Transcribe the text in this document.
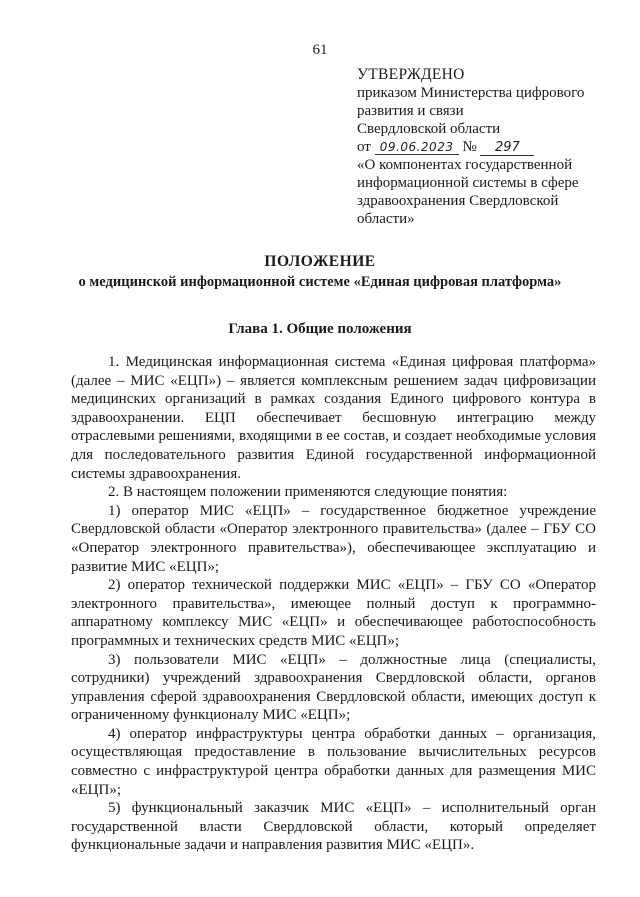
61
УТВЕРЖДЕНО
приказом Министерства цифрового
развития и связи
Свердловской области
от 09.06.2023 № 297
«О компонентах государственной
информационной системы в сфере
здравоохранения Свердловской
области»
ПОЛОЖЕНИЕ
о медицинской информационной системе «Единая цифровая платформа»
Глава 1. Общие положения

1. Медицинская информационная система «Единая цифровая платформа» (далее – МИС «ЕЦП») – является комплексным решением задач цифровизации медицинских организаций в рамках создания Единого цифрового контура в здравоохранении. ЕЦП обеспечивает бесшовную интеграцию между отраслевыми решениями, входящими в ее состав, и создает необходимые условия для последовательного развития Единой государственной информационной системы здравоохранения.

2. В настоящем положении применяются следующие понятия:

1) оператор МИС «ЕЦП» – государственное бюджетное учреждение Свердловской области «Оператор электронного правительства» (далее – ГБУ СО «Оператор электронного правительства»), обеспечивающее эксплуатацию и развитие МИС «ЕЦП»;

2) оператор технической поддержки МИС «ЕЦП» – ГБУ СО «Оператор электронного правительства», имеющее полный доступ к программно-аппаратному комплексу МИС «ЕЦП» и обеспечивающее работоспособность программных и технических средств МИС «ЕЦП»;

3) пользователи МИС «ЕЦП» – должностные лица (специалисты, сотрудники) учреждений здравоохранения Свердловской области, органов управления сферой здравоохранения Свердловской области, имеющих доступ к ограниченному функционалу МИС «ЕЦП»;

4) оператор инфраструктуры центра обработки данных – организация, осуществляющая предоставление в пользование вычислительных ресурсов совместно с инфраструктурой центра обработки данных для размещения МИС «ЕЦП»;

5) функциональный заказчик МИС «ЕЦП» – исполнительный орган государственной власти Свердловской области, который определяет функциональные задачи и направления развития МИС «ЕЦП».
